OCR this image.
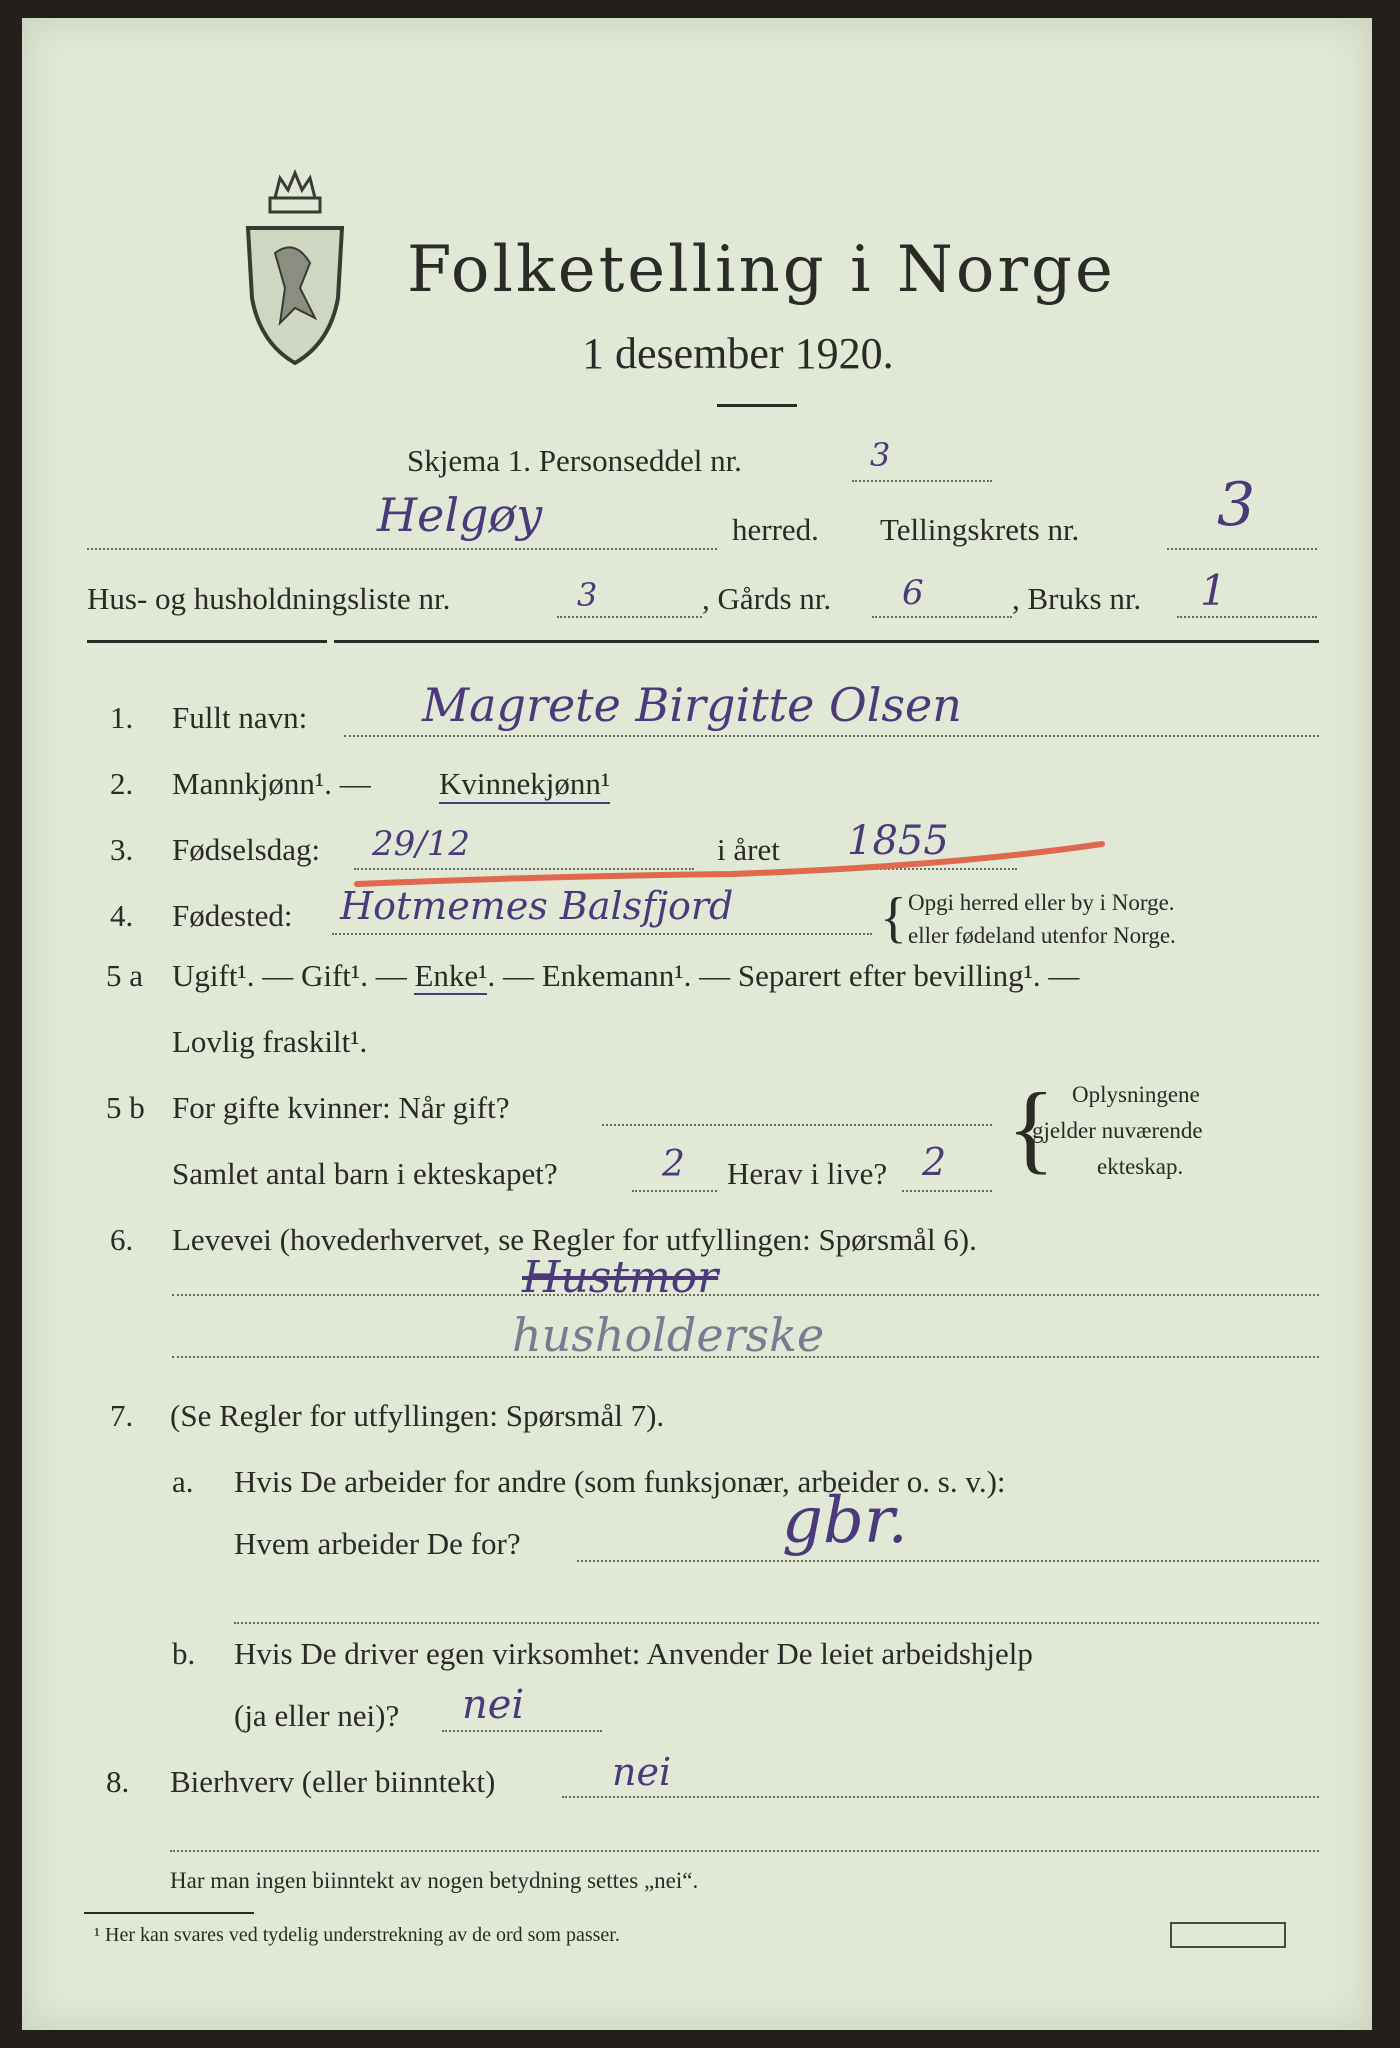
Folketelling i Norge
1 desember 1920.
Skjema 1. Personseddel nr.	3
Helgøy	herred. Tellingskrets nr. 3
Hus- og husholdningsliste nr.	3	, Gårds nr. 6	, Bruks nr. 1
1. Fullt navn: Magrete Birgitte Olsen
2. Mannkjønn¹. — Kvinnekjønn¹
3. Fødselsdag: 29/12	i året 1855
4. Fødested: Hotmemes Balsfjord	{ Opgi herred eller by i Norge.
eller fødeland utenfor Norge.
5 a Ugift¹. — Gift¹. — Enke¹. — Enkemann¹. — Separert efter bevilling¹. —
Lovlig fraskilt¹.
5 b For gifte kvinner: Når gift?
Samlet antal barn i ekteskapet?	2 Herav i live? 2 { Oplysningene
gjelder nuværende
ekteskap.
6. Levevei (hovederhvervet, se Regler for utfyllingen: Spørsmål 6).
Hustmor
husholderske
7. (Se Regler for utfyllingen: Spørsmål 7).
a. Hvis De arbeider for andre (som funksjonær, arbeider o. s. v.):
Hvem arbeider De for?	gbr.
b. Hvis De driver egen virksomhet: Anvender De leiet arbeidshjelp
(ja eller nei)? nei
8. Bierhverv (eller biinntekt)	nei
Har man ingen biinntekt av nogen betydning settes „nei“.
¹ Her kan svares ved tydelig understrekning av de ord som passer.
